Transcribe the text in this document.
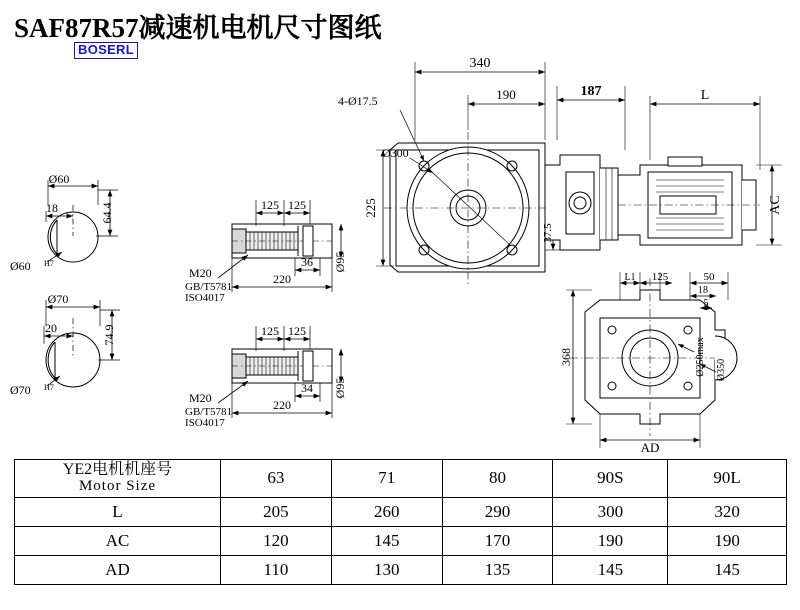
SAF87R57减速机电机尺寸图纸
BOSERL
Ø60
18	64.4
Ø60 H7
Ø70
20	74.9
Ø70 H7
125 125
36
220
Ø95
M20
GB/T5781
ISO4017
125 125
34
220
Ø95
M20
GB/T5781
ISO4017
340
190	187	L
4-Ø17.5
Ø300
225
37.5
AC
L1 125	50
18
5
368	Ø250max Ø350
AD
YE2电机机座号
Motor Size	63	71	80	90S	90L
L	205	260	290	300	320
AC	120	145	170	190	190
AD	110	130	135	145	145
